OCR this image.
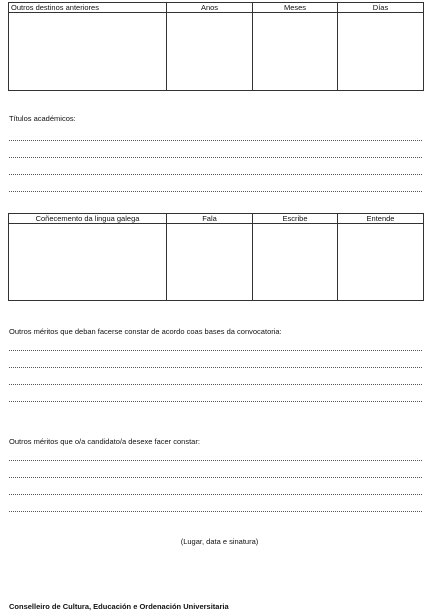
Outros destinos anteriores	Anos	Meses	Días

Títulos académicos:
Coñecemento da lingua galega	Fala	Escribe	Entende

Outros méritos que deban facerse constar de acordo coas bases da convocatoria:
Outros méritos que o/a candidato/a desexe facer constar:
(Lugar, data e sinatura)
Conselleiro de Cultura, Educación e Ordenación Universitaria
